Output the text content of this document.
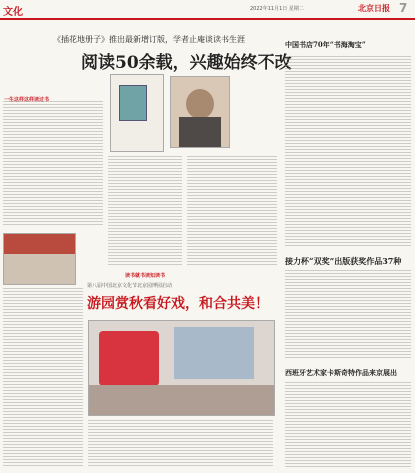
文化	2022年11月1日 星期二	北京日报 7
《插花地册子》推出最新增订版，学者止庵谈读书生涯
阅读50余载，兴趣始终不改
一生这样这样读过书
读书就书读知读书
中国书店70年“书海淘宝”
接力杯“双奖”出版获奖作品37种
西班牙艺术家卡斯奇特作品来京展出
第八届中国北京文化节北京园博园启动
游园赏秋看好戏，和合共美！
